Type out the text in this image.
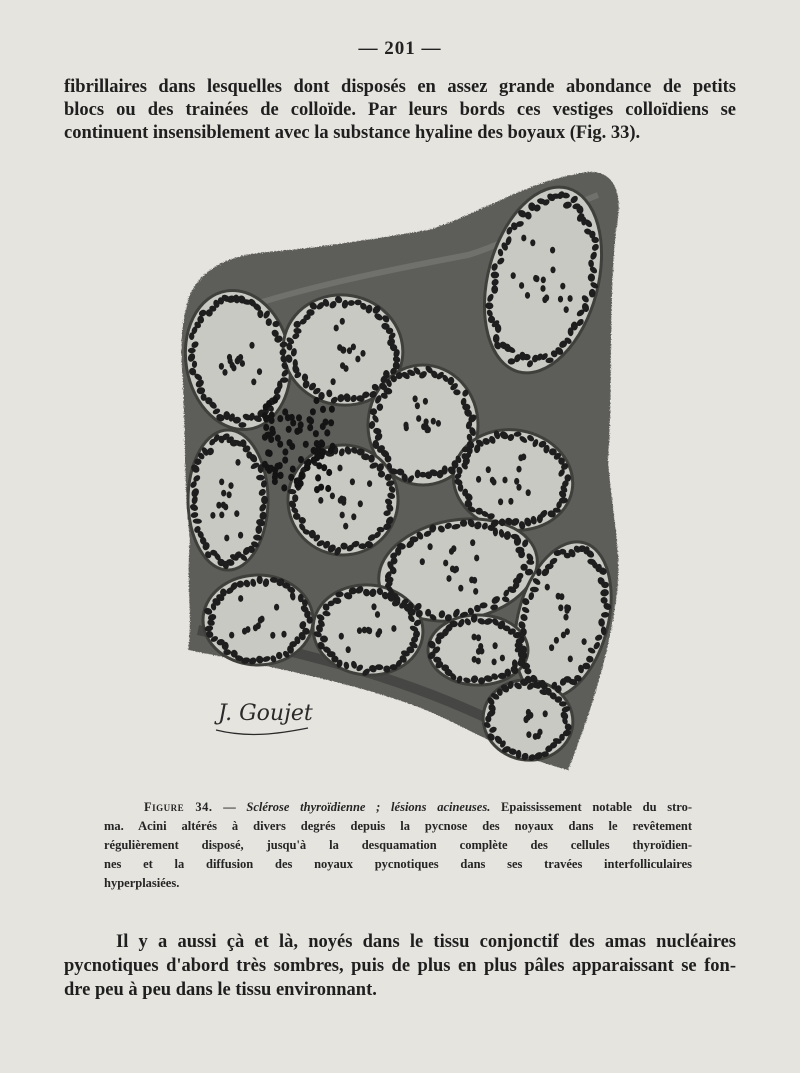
— 201 —
fibrillaires dans lesquelles dont disposés en assez grande abondance de petits
blocs ou des trainées de colloïde. Par leurs bords ces vestiges colloïdiens se
continuent insensiblement avec la substance hyaline des boyaux (Fig. 33).
J. Goujet
Figure 34. — Sclérose thyroïdienne ; lésions acineuses. Epaississement notable du stro-
ma. Acini altérés à divers degrés depuis la pycnose des noyaux dans le revêtement
régulièrement disposé, jusqu'à la desquamation complète des cellules thyroïdien-
nes et la diffusion des noyaux pycnotiques dans ses travées interfolliculaires
hyperplasiées.
Il y a aussi çà et là, noyés dans le tissu conjonctif des amas nucléaires
pycnotiques d'abord très sombres, puis de plus en plus pâles apparaissant se fon-
dre peu à peu dans le tissu environnant.
